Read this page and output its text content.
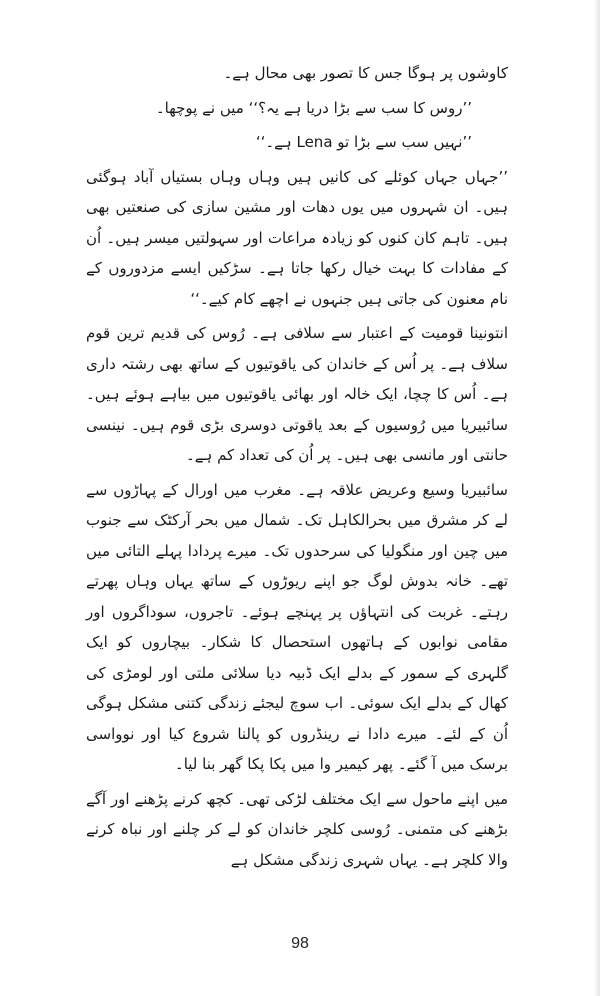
کاوشوں پر ہوگا جس کا تصور بھی محال ہے۔

’’روس کا سب سے بڑا دریا ہے یہ؟‘‘ میں نے پوچھا۔

’’نہیں سب سے بڑا تو Lena ہے۔‘‘

’’جہاں جہاں کوئلے کی کانیں ہیں وہاں وہاں بستیاں آباد ہوگئی ہیں۔ ان شہروں میں یوں دھات اور مشین سازی کی صنعتیں بھی ہیں۔ تاہم کان کنوں کو زیادہ مراعات اور سہولتیں میسر ہیں۔ اُن کے مفادات کا بہت خیال رکھا جاتا ہے۔ سڑکیں ایسے مزدوروں کے نام معنون کی جاتی ہیں جنہوں نے اچھے کام کیے۔‘‘

انتونینا قومیت کے اعتبار سے سلافی ہے۔ رُوس کی قدیم ترین قوم سلاف ہے۔ پر اُس کے خاندان کی یاقوتیوں کے ساتھ بھی رشتہ داری ہے۔ اُس کا چچا، ایک خالہ اور بھائی یاقوتیوں میں بیاہے ہوئے ہیں۔ سائبیریا میں رُوسیوں کے بعد یاقوتی دوسری بڑی قوم ہیں۔ نینسی حانتی اور مانسی بھی ہیں۔ پر اُن کی تعداد کم ہے۔

سائبیریا وسیع وعریض علاقہ ہے۔ مغرب میں اورال کے پہاڑوں سے لے کر مشرق میں بحرالکاہل تک۔ شمال میں بحر آرکٹک سے جنوب میں چین اور منگولیا کی سرحدوں تک۔ میرے پردادا پہلے التائی میں تھے۔ خانہ بدوش لوگ جو اپنے ریوڑوں کے ساتھ یہاں وہاں پھرتے رہتے۔ غربت کی انتہاؤں پر پہنچے ہوئے۔ تاجروں، سوداگروں اور مقامی نوابوں کے ہاتھوں استحصال کا شکار۔ بیچاروں کو ایک گلہری کے سمور کے بدلے ایک ڈبیہ دیا سلائی ملتی اور لومڑی کی کھال کے بدلے ایک سوئی۔ اب سوچ لیجئے زندگی کتنی مشکل ہوگی اُن کے لئے۔ میرے دادا نے رینڈروں کو پالنا شروع کیا اور نوواسی برسک میں آ گئے۔ پھر کیمیر وا میں پکا پکا گھر بنا لیا۔

میں اپنے ماحول سے ایک مختلف لڑکی تھی۔ کچھ کرنے پڑھنے اور آگے بڑھنے کی متمنی۔ رُوسی کلچر خاندان کو لے کر چلنے اور نباہ کرنے والا کلچر ہے۔ یہاں شہری زندگی مشکل ہے

98
